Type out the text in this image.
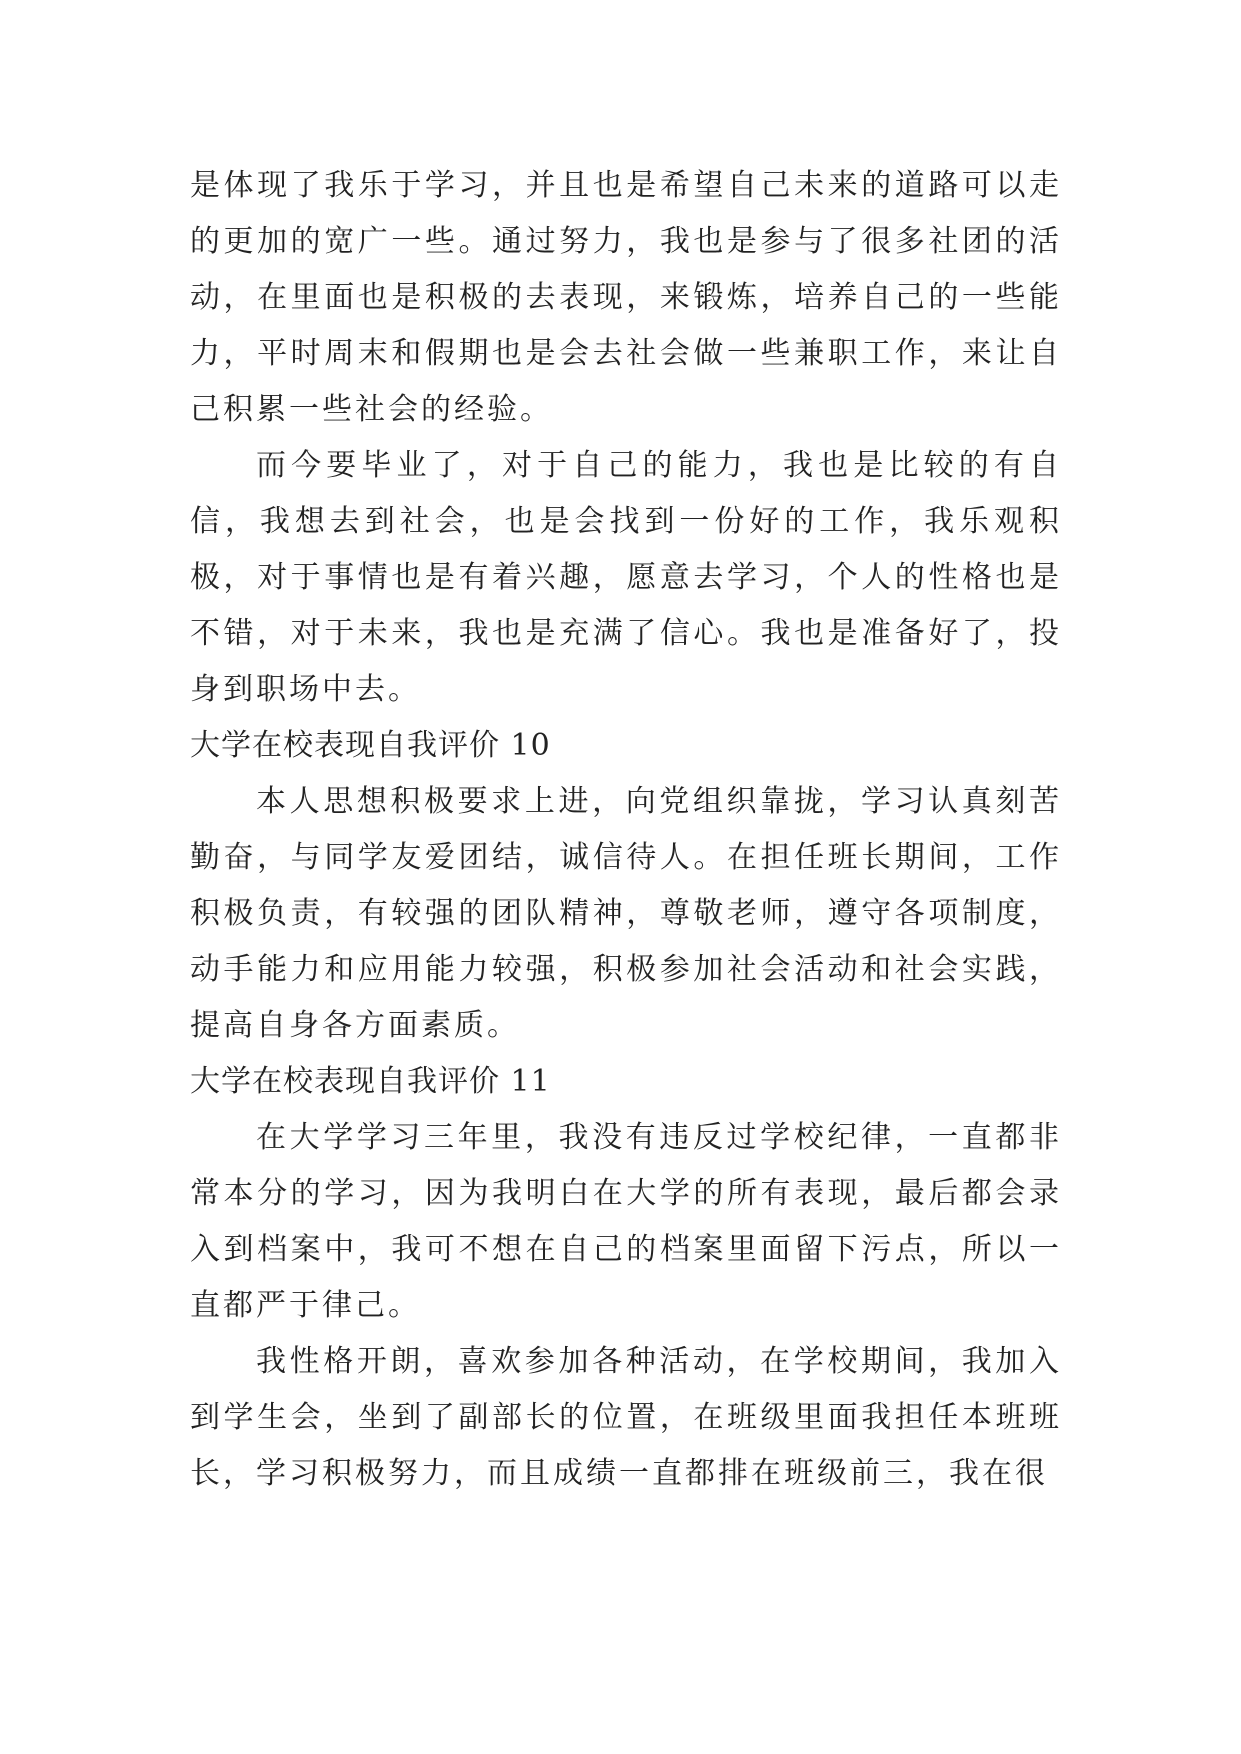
是体现了我乐于学习，并且也是希望自己未来的道路可以走的更加的宽广一些。通过努力，我也是参与了很多社团的活动，在里面也是积极的去表现，来锻炼，培养自己的一些能力，平时周末和假期也是会去社会做一些兼职工作，来让自己积累一些社会的经验。

而今要毕业了，对于自己的能力，我也是比较的有自信，我想去到社会，也是会找到一份好的工作，我乐观积极，对于事情也是有着兴趣，愿意去学习，个人的性格也是不错，对于未来，我也是充满了信心。我也是准备好了，投身到职场中去。

大学在校表现自我评价 10

本人思想积极要求上进，向党组织靠拢，学习认真刻苦勤奋，与同学友爱团结，诚信待人。在担任班长期间，工作积极负责，有较强的团队精神，尊敬老师，遵守各项制度，动手能力和应用能力较强，积极参加社会活动和社会实践，提高自身各方面素质。

大学在校表现自我评价 11

在大学学习三年里，我没有违反过学校纪律，一直都非常本分的学习，因为我明白在大学的所有表现，最后都会录入到档案中，我可不想在自己的档案里面留下污点，所以一直都严于律己。

我性格开朗，喜欢参加各种活动，在学校期间，我加入到学生会，坐到了副部长的位置，在班级里面我担任本班班长，学习积极努力，而且成绩一直都排在班级前三，我在很
